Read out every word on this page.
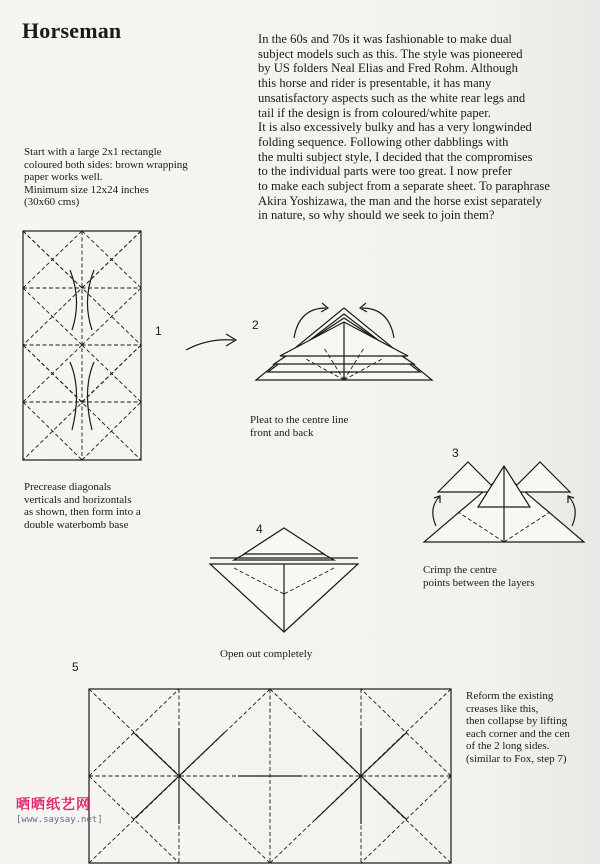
Horseman	In the 60s and 70s it was fashionable to make dual
subject models such as this. The style was pioneered
by US folders Neal Elias and Fred Rohm. Although
this horse and rider is presentable, it has many
unsatisfactory aspects such as the white rear legs and
tail if the design is from coloured/white paper.
It is also excessively bulky and has a very longwinded
folding sequence. Following other dabblings with
the multi subject style, I decided that the compromises
to the individual parts were too great. I now prefer
to make each subject from a separate sheet. To paraphrase
Akira Yoshizawa, the man and the horse exist separately
in nature, so why should we seek to join them?
Start with a large 2x1 rectangle
coloured both sides: brown wrapping
paper works well.
Minimum size 12x24 inches
(30x60 cms)
1
Precrease diagonals
verticals and horizontals
as shown, then form into a
double waterbomb base
2
Pleat to the centre line
front and back
3
Crimp the centre
points between the layers
4
Open out completely
5
Reform the existing
creases like this,
then collapse by lifting
each corner and the cen
of the 2 long sides.
(similar to Fox, step 7)
晒晒纸艺网
[www.saysay.net]
